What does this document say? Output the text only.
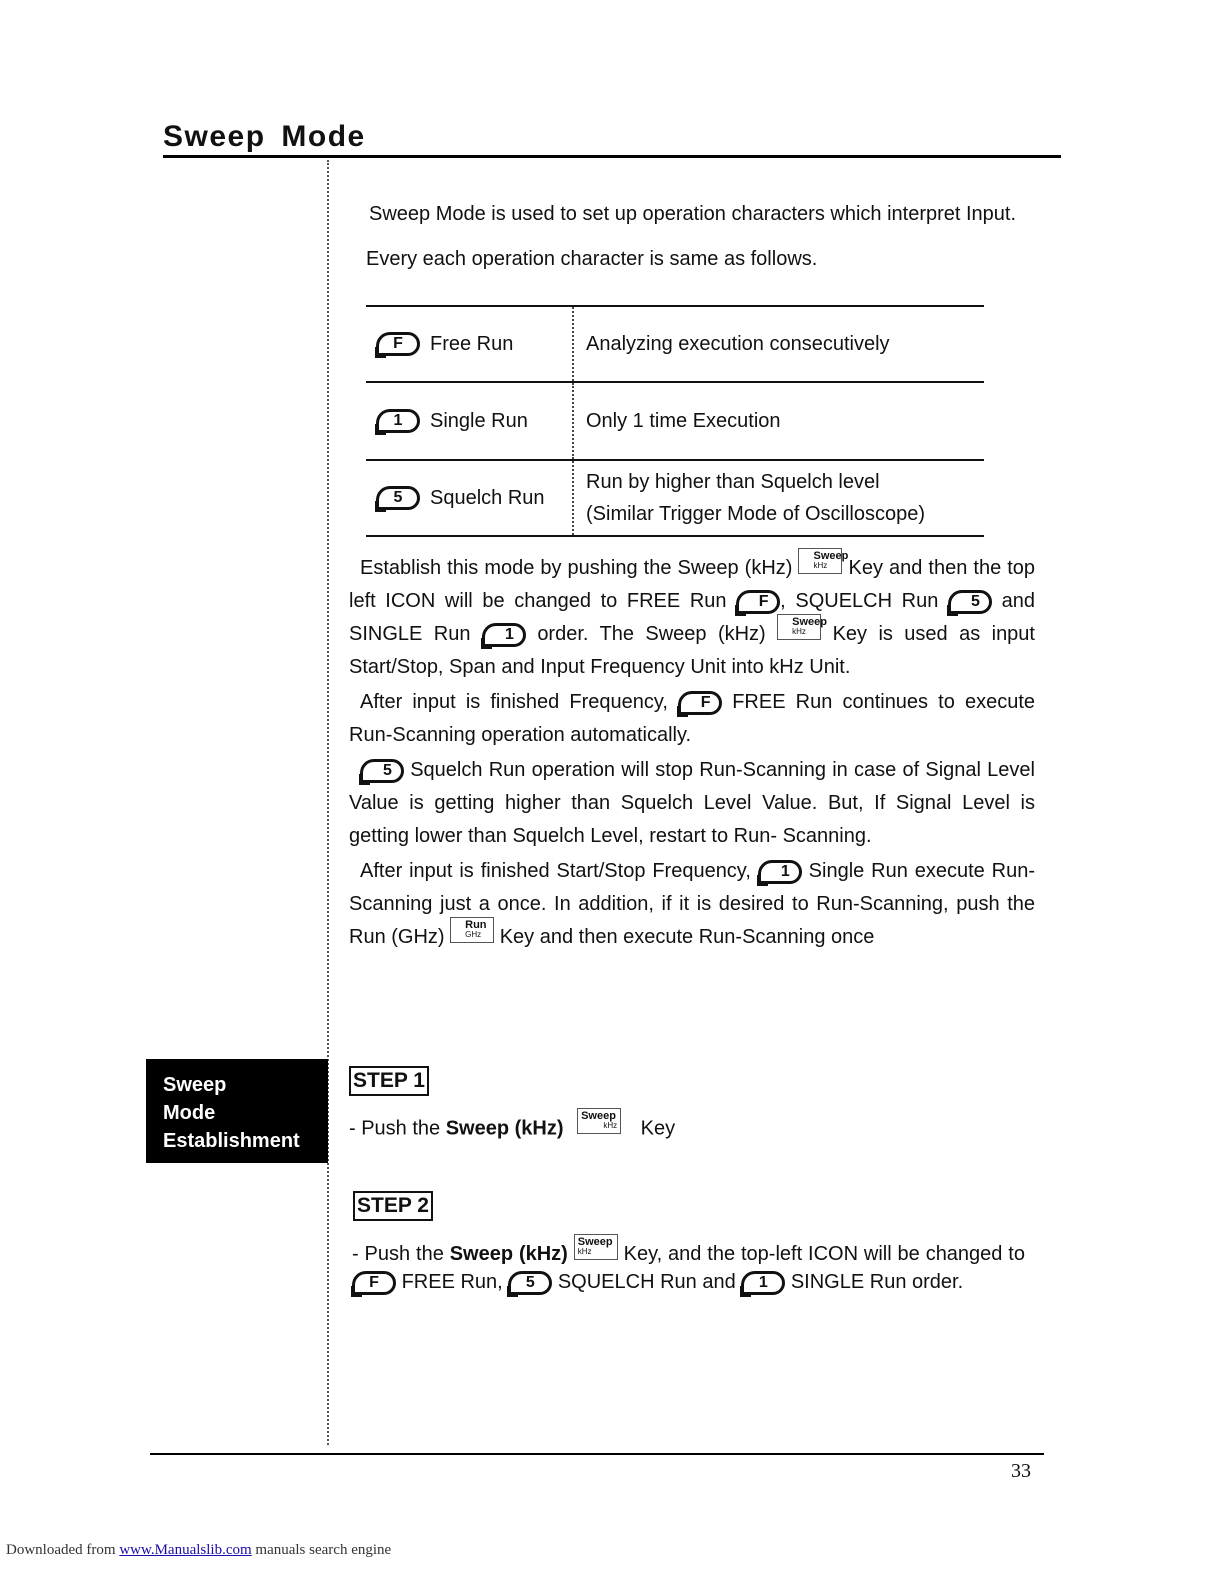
Sweep Mode
Sweep Mode is used to set up operation characters which interpret Input.
Every each operation character is same as follows.
F	Free Run	Analyzing execution consecutively
1	Single Run	Only 1 time Execution
5	Squelch Run
Run by higher than Squelch level
(Similar Trigger Mode of Oscilloscope)

Establish this mode by pushing the Sweep (kHz)
Sweep
kHz	Key and then the top left ICON will be changed to FREE Run F , SQUELCH Run 5 and SINGLE Run 1 order. The Sweep (kHz)
Sweep
kHz	Key is used as input Start/Stop, Span and Input Frequency Unit into kHz Unit.

After input is finished Frequency, F FREE Run continues to execute Run-Scanning operation automatically.

5 Squelch Run operation will stop Run-Scanning in case of Signal Level Value is getting higher than Squelch Level Value. But, If Signal Level is getting lower than Squelch Level, restart to Run- Scanning.

After input is finished Start/Stop Frequency, 1 Single Run execute Run-Scanning just a once. In addition, if it is desired to Run-Scanning, push the Run (GHz)
Run
GHz Key and then execute Run-Scanning once

Sweep
Mode
Establishment
STEP 1
- Push the Sweep (kHz)
Sweep
kHz Key
STEP 2

- Push the Sweep (kHz)
Sweep
kHz	Key, and the top-left ICON will be changed to F FREE Run, 5 SQUELCH Run and 1 SINGLE Run order.

33
Downloaded from www.Manualslib.com manuals search engine
